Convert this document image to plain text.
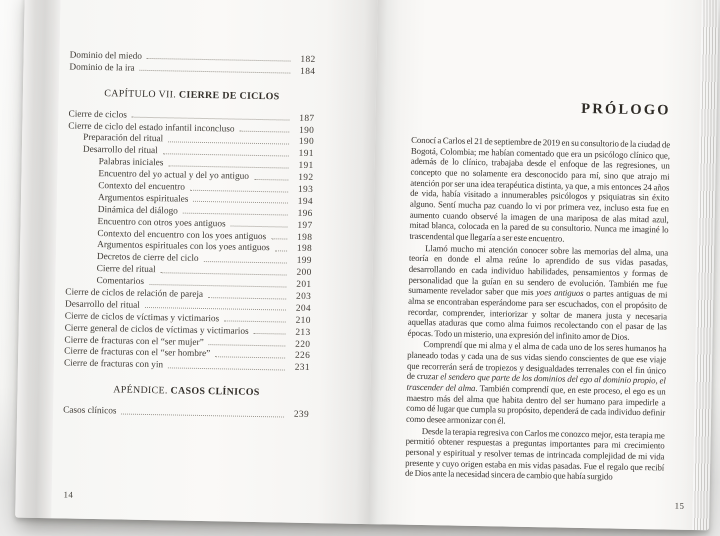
Dominio del miedo	182
Dominio de la ira	184
CAPÍTULO VII. CIERRE DE CICLOS
Cierre de ciclos	187
Cierre de ciclo del estado infantil inconcluso	190
Preparación del ritual	190
Desarrollo del ritual	191
Palabras iniciales	191
Encuentro del yo actual y del yo antiguo	192
Contexto del encuentro	193
Argumentos espirituales	194
Dinámica del diálogo	196
Encuentro con otros yoes antiguos	197
Contexto del encuentro con los yoes antiguos	198
Argumentos espirituales con los yoes antiguos	198
Decretos de cierre del ciclo	199
Cierre del ritual	200
Comentarios	201
Cierre de ciclos de relación de pareja	203
Desarrollo del ritual	204
Cierre de ciclos de víctimas y victimarios	210
Cierre general de ciclos de víctimas y victimarios	213
Cierre de fracturas con el “ser mujer”	220
Cierre de fracturas con el “ser hombre”	226
Cierre de fracturas con yin	231
APÉNDICE. CASOS CLÍNICOS
Casos clínicos	239
14
PRÓLOGO

Conocí a Carlos el 21 de septiembre de 2019 en su consultorio de la ciudad de Bogotá, Colombia; me habían comentado que era un psicólogo clínico que, además de lo clínico, trabajaba desde el enfoque de las regresiones, un concepto que no solamente era desconocido para mí, sino que atrajo mi atención por ser una idea terapéutica distinta, ya que, a mis entonces 24 años de vida, había visitado a innumerables psicólogos y psiquiatras sin éxito alguno. Sentí mucha paz cuando lo vi por primera vez, incluso esta fue en aumento cuando observé la imagen de una mariposa de alas mitad azul, mitad blanca, colocada en la pared de su consultorio. Nunca me imaginé lo trascendental que llegaría a ser este encuentro.

Llamó mucho mi atención conocer sobre las memorias del alma, una teoría en donde el alma reúne lo aprendido de sus vidas pasadas, desarrollando en cada individuo habilidades, pensamientos y formas de personalidad que la guían en su sendero de evolución. También me fue sumamente revelador saber que mis yoes antiguos o partes antiguas de mi alma se encontraban esperándome para ser escuchados, con el propósito de recordar, comprender, interiorizar y soltar de manera justa y necesaria aquellas ataduras que como alma fuimos recolectando con el pasar de las épocas. Todo un misterio, una expresión del infinito amor de Dios.

Comprendí que mi alma y el alma de cada uno de los seres humanos ha planeado todas y cada una de sus vidas siendo conscientes de que ese viaje que recorrerán será de tropiezos y desigualdades terrenales con el fin único de cruzar el sendero que parte de los dominios del ego al dominio propio, el trascender del alma. También comprendí que, en este proceso, el ego es un maestro más del alma que habita dentro del ser humano para impedirle a como dé lugar que cumpla su propósito, dependerá de cada individuo definir como desee armonizar con él.

Desde la terapia regresiva con Carlos me conozco mejor, esta terapia me permitió obtener respuestas a preguntas importantes para mi crecimiento personal y espiritual y resolver temas de intrincada complejidad de mi vida presente y cuyo origen estaba en mis vidas pasadas. Fue el regalo que recibí de Dios ante la necesidad sincera de cambio que había surgido

15
